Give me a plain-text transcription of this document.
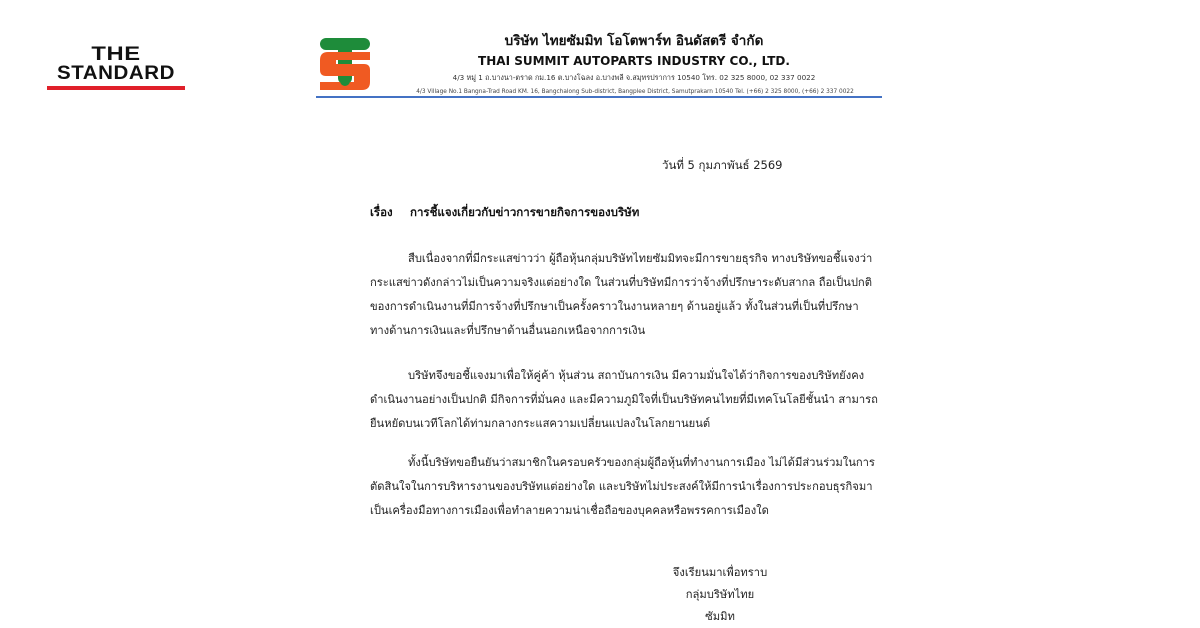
THE
STANDARD
บริษัท ไทยซัมมิท โอโตพาร์ท อินดัสตรี จำกัด
THAI SUMMIT AUTOPARTS INDUSTRY CO., LTD.
4/3 หมู่ 1 ถ.บางนา-ตราด กม.16 ต.บางโฉลง อ.บางพลี จ.สมุทรปราการ 10540 โทร. 02 325 8000, 02 337 0022
4/3 Village No.1 Bangna-Trad Road KM. 16, Bangchalong Sub-district, Bangplee District, Samutprakarn 10540 Tel. (+66) 2 325 8000, (+66) 2 337 0022
วันที่ 5 กุมภาพันธ์ 2569
เรื่อง การชี้แจงเกี่ยวกับข่าวการขายกิจการของบริษัท
สืบเนื่องจากที่มีกระแสข่าวว่า ผู้ถือหุ้นกลุ่มบริษัทไทยซัมมิทจะมีการขายธุรกิจ ทางบริษัทขอชี้แจงว่า
กระแสข่าวดังกล่าวไม่เป็นความจริงแต่อย่างใด ในส่วนที่บริษัทมีการว่าจ้างที่ปรึกษาระดับสากล ถือเป็นปกติ
ของการดำเนินงานที่มีการจ้างที่ปรึกษาเป็นครั้งคราวในงานหลายๆ ด้านอยู่แล้ว ทั้งในส่วนที่เป็นที่ปรึกษา
ทางด้านการเงินและที่ปรึกษาด้านอื่นนอกเหนือจากการเงิน
บริษัทจึงขอชี้แจงมาเพื่อให้คู่ค้า หุ้นส่วน สถาบันการเงิน มีความมั่นใจได้ว่ากิจการของบริษัทยังคง
ดำเนินงานอย่างเป็นปกติ มีกิจการที่มั่นคง และมีความภูมิใจที่เป็นบริษัทคนไทยที่มีเทคโนโลยีชั้นนำ สามารถ
ยืนหยัดบนเวทีโลกได้ท่ามกลางกระแสความเปลี่ยนแปลงในโลกยานยนต์
ทั้งนี้บริษัทขอยืนยันว่าสมาชิกในครอบครัวของกลุ่มผู้ถือหุ้นที่ทำงานการเมือง ไม่ได้มีส่วนร่วมในการ
ตัดสินใจในการบริหารงานของบริษัทแต่อย่างใด และบริษัทไม่ประสงค์ให้มีการนำเรื่องการประกอบธุรกิจมา
เป็นเครื่องมือทางการเมืองเพื่อทำลายความน่าเชื่อถือของบุคคลหรือพรรคการเมืองใด
จึงเรียนมาเพื่อทราบ
กลุ่มบริษัทไทยซัมมิท
